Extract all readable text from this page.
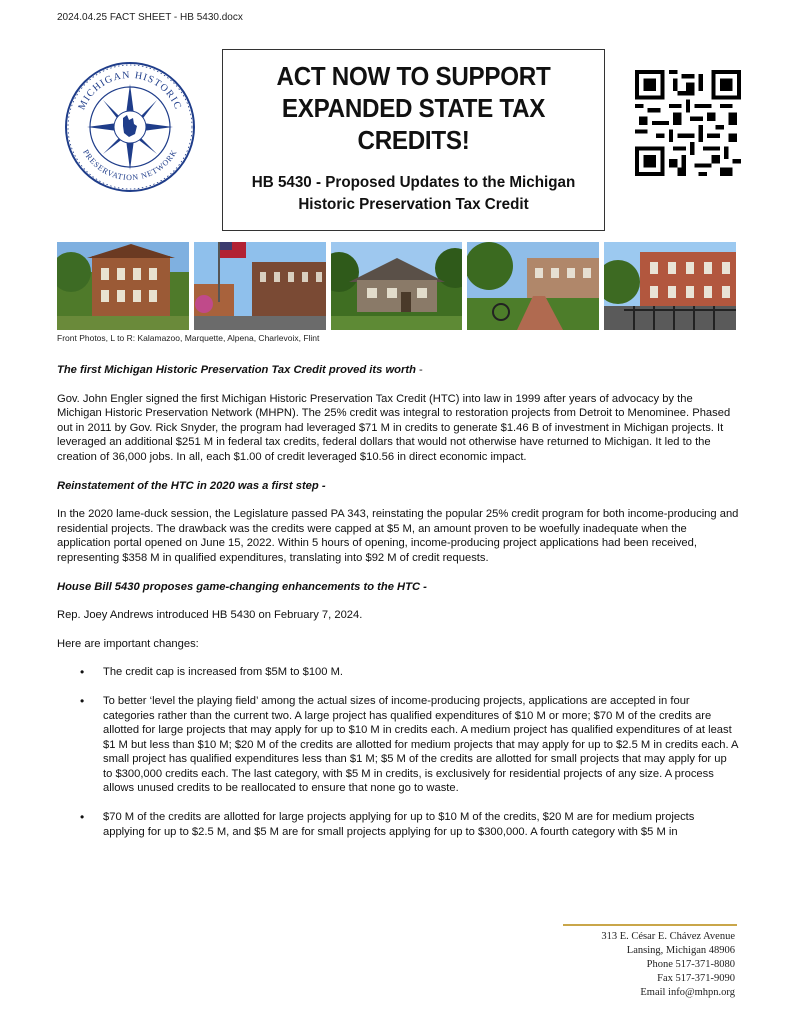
2024.04.25 FACT SHEET - HB 5430.docx
MICHIGAN HISTORIC
PRESERVATION NETWORK
ACT NOW TO SUPPORT EXPANDED STATE TAX CREDITS!
HB 5430 - Proposed Updates to the Michigan Historic Preservation Tax Credit
Front Photos, L to R: Kalamazoo, Marquette, Alpena, Charlevoix, Flint

The first Michigan Historic Preservation Tax Credit proved its worth -

Gov. John Engler signed the first Michigan Historic Preservation Tax Credit (HTC) into law in 1999 after years of advocacy by the Michigan Historic Preservation Network (MHPN). The 25% credit was integral to restoration projects from Detroit to Menominee. Phased out in 2011 by Gov. Rick Snyder, the program had leveraged $71 M in credits to generate $1.46 B of investment in Michigan projects. It leveraged an additional $251 M in federal tax credits, federal dollars that would not otherwise have returned to Michigan. It led to the creation of 36,000 jobs. In all, each $1.00 of credit leveraged $10.56 in direct economic impact.

Reinstatement of the HTC in 2020 was a first step -

In the 2020 lame-duck session, the Legislature passed PA 343, reinstating the popular 25% credit program for both income-producing and residential projects. The drawback was the credits were capped at $5 M, an amount proven to be woefully inadequate when the application portal opened on June 15, 2022. Within 5 hours of opening, income-producing project applications had been received, representing $358 M in qualified expenditures, translating into $92 M of credit requests.

House Bill 5430 proposes game-changing enhancements to the HTC -

Rep. Joey Andrews introduced HB 5430 on February 7, 2024.

Here are important changes:

• The credit cap is increased from $5M to $100 M.
• To better ‘level the playing field’ among the actual sizes of income-producing projects, applications are accepted in four categories rather than the current two. A large project has qualified expenditures of $10 M or more; $70 M of the credits are allotted for large projects that may apply for up to $10 M in credits each. A medium project has qualified expenditures of at least $1 M but less than $10 M; $20 M of the credits are allotted for medium projects that may apply for up to $2.5 M in credits each. A small project has qualified expenditures less than $1 M; $5 M of the credits are allotted for small projects that may apply for up to $300,000 credits each. The last category, with $5 M in credits, is exclusively for residential projects of any size. A process allows unused credits to be reallocated to ensure that none go to waste.
• $70 M of the credits are allotted for large projects applying for up to $10 M of the credits, $20 M are for medium projects applying for up to $2.5 M, and $5 M are for small projects applying for up to $300,000. A fourth category with $5 M in
313 E. César E. Chávez Avenue
Lansing, Michigan 48906
Phone 517-371-8080
Fax 517-371-9090
Email info@mhpn.org
